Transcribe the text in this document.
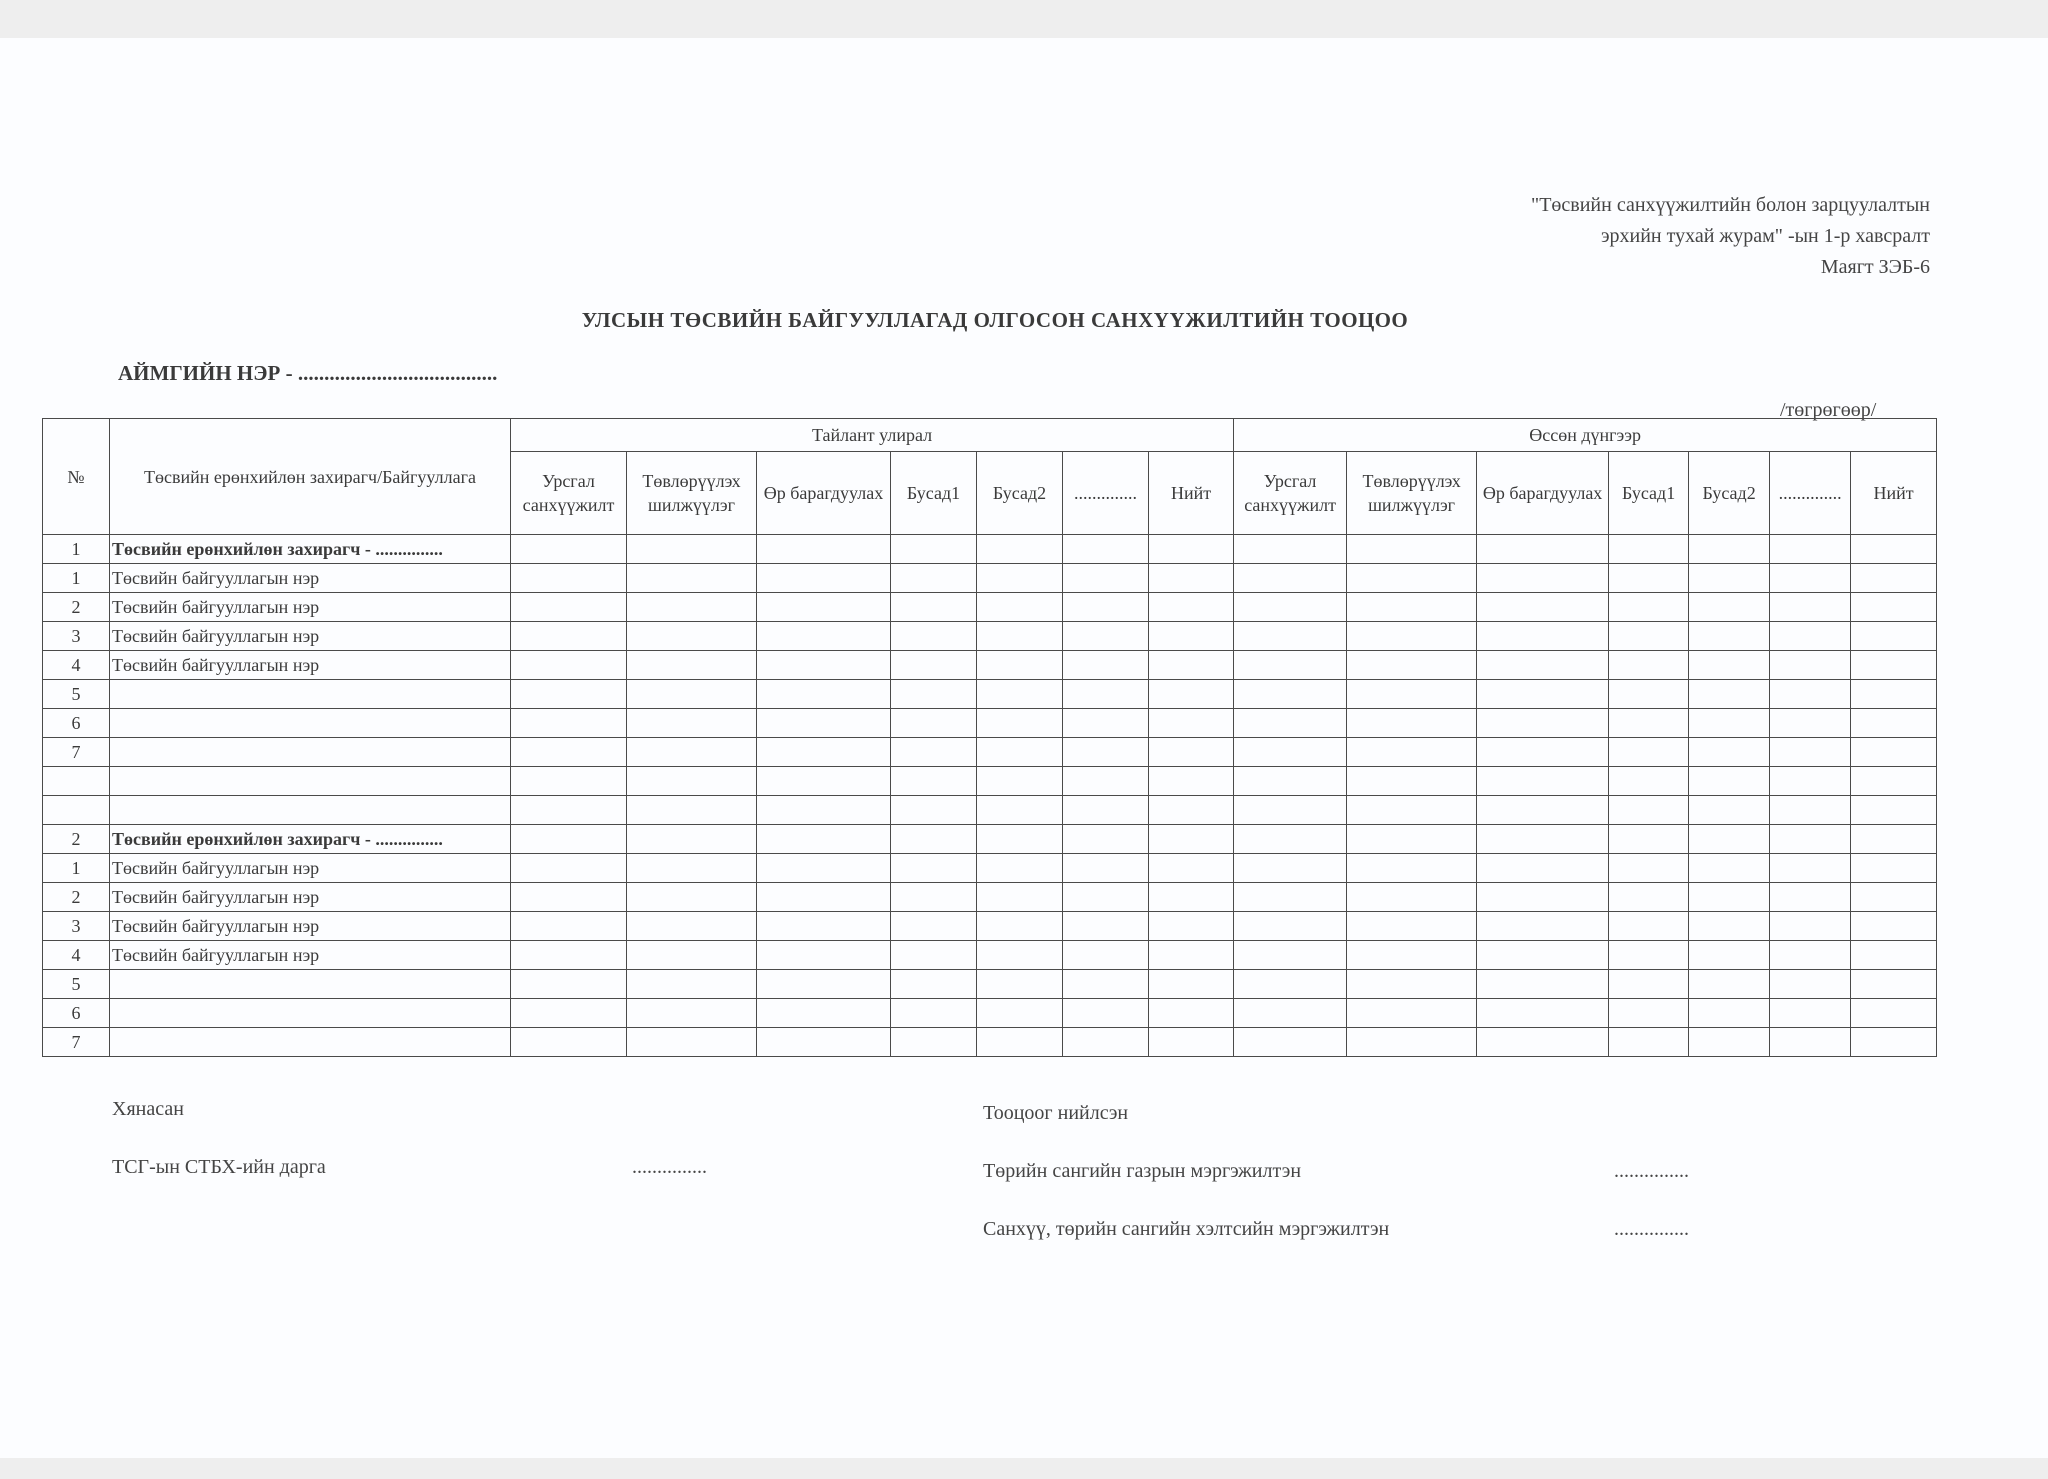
"Төсвийн санхүүжилтийн болон зарцуулалтын
эрхийн тухай журам" -ын 1-р хавсралт
Маягт ЗЭБ-6
УЛСЫН ТӨСВИЙН БАЙГУУЛЛАГАД ОЛГОСОН САНХҮҮЖИЛТИЙН ТООЦОО
АЙМГИЙН НЭР - ......................................
/төгрөгөөр/
№	Төсвийн ерөнхийлөн захирагч/Байгууллага	Тайлант улирал							Өссөн дүнгээр						
		Урсгал санхүүжилт	Төвлөрүүлэх шилжүүлэг	Өр барагдуулах	Бусад1	Бусад2	..............	Нийт	Урсгал санхүүжилт	Төвлөрүүлэх шилжүүлэг	Өр барагдуулах	Бусад1	Бусад2	..............	Нийт
1	Төсвийн ерөнхийлөн захирагч - ...............														
1	Төсвийн байгууллагын нэр														
2	Төсвийн байгууллагын нэр														
3	Төсвийн байгууллагын нэр														
4	Төсвийн байгууллагын нэр														
5															
6															
7															

2	Төсвийн ерөнхийлөн захирагч - ...............														
1	Төсвийн байгууллагын нэр														
2	Төсвийн байгууллагын нэр														
3	Төсвийн байгууллагын нэр														
4	Төсвийн байгууллагын нэр														
5															
6															
7															
Хянасан
ТСГ-ын СТБХ-ийн дарга	...............
Тооцоог нийлсэн
Төрийн сангийн газрын мэргэжилтэн	...............
Санхүү, төрийн сангийн хэлтсийн мэргэжилтэн	...............
